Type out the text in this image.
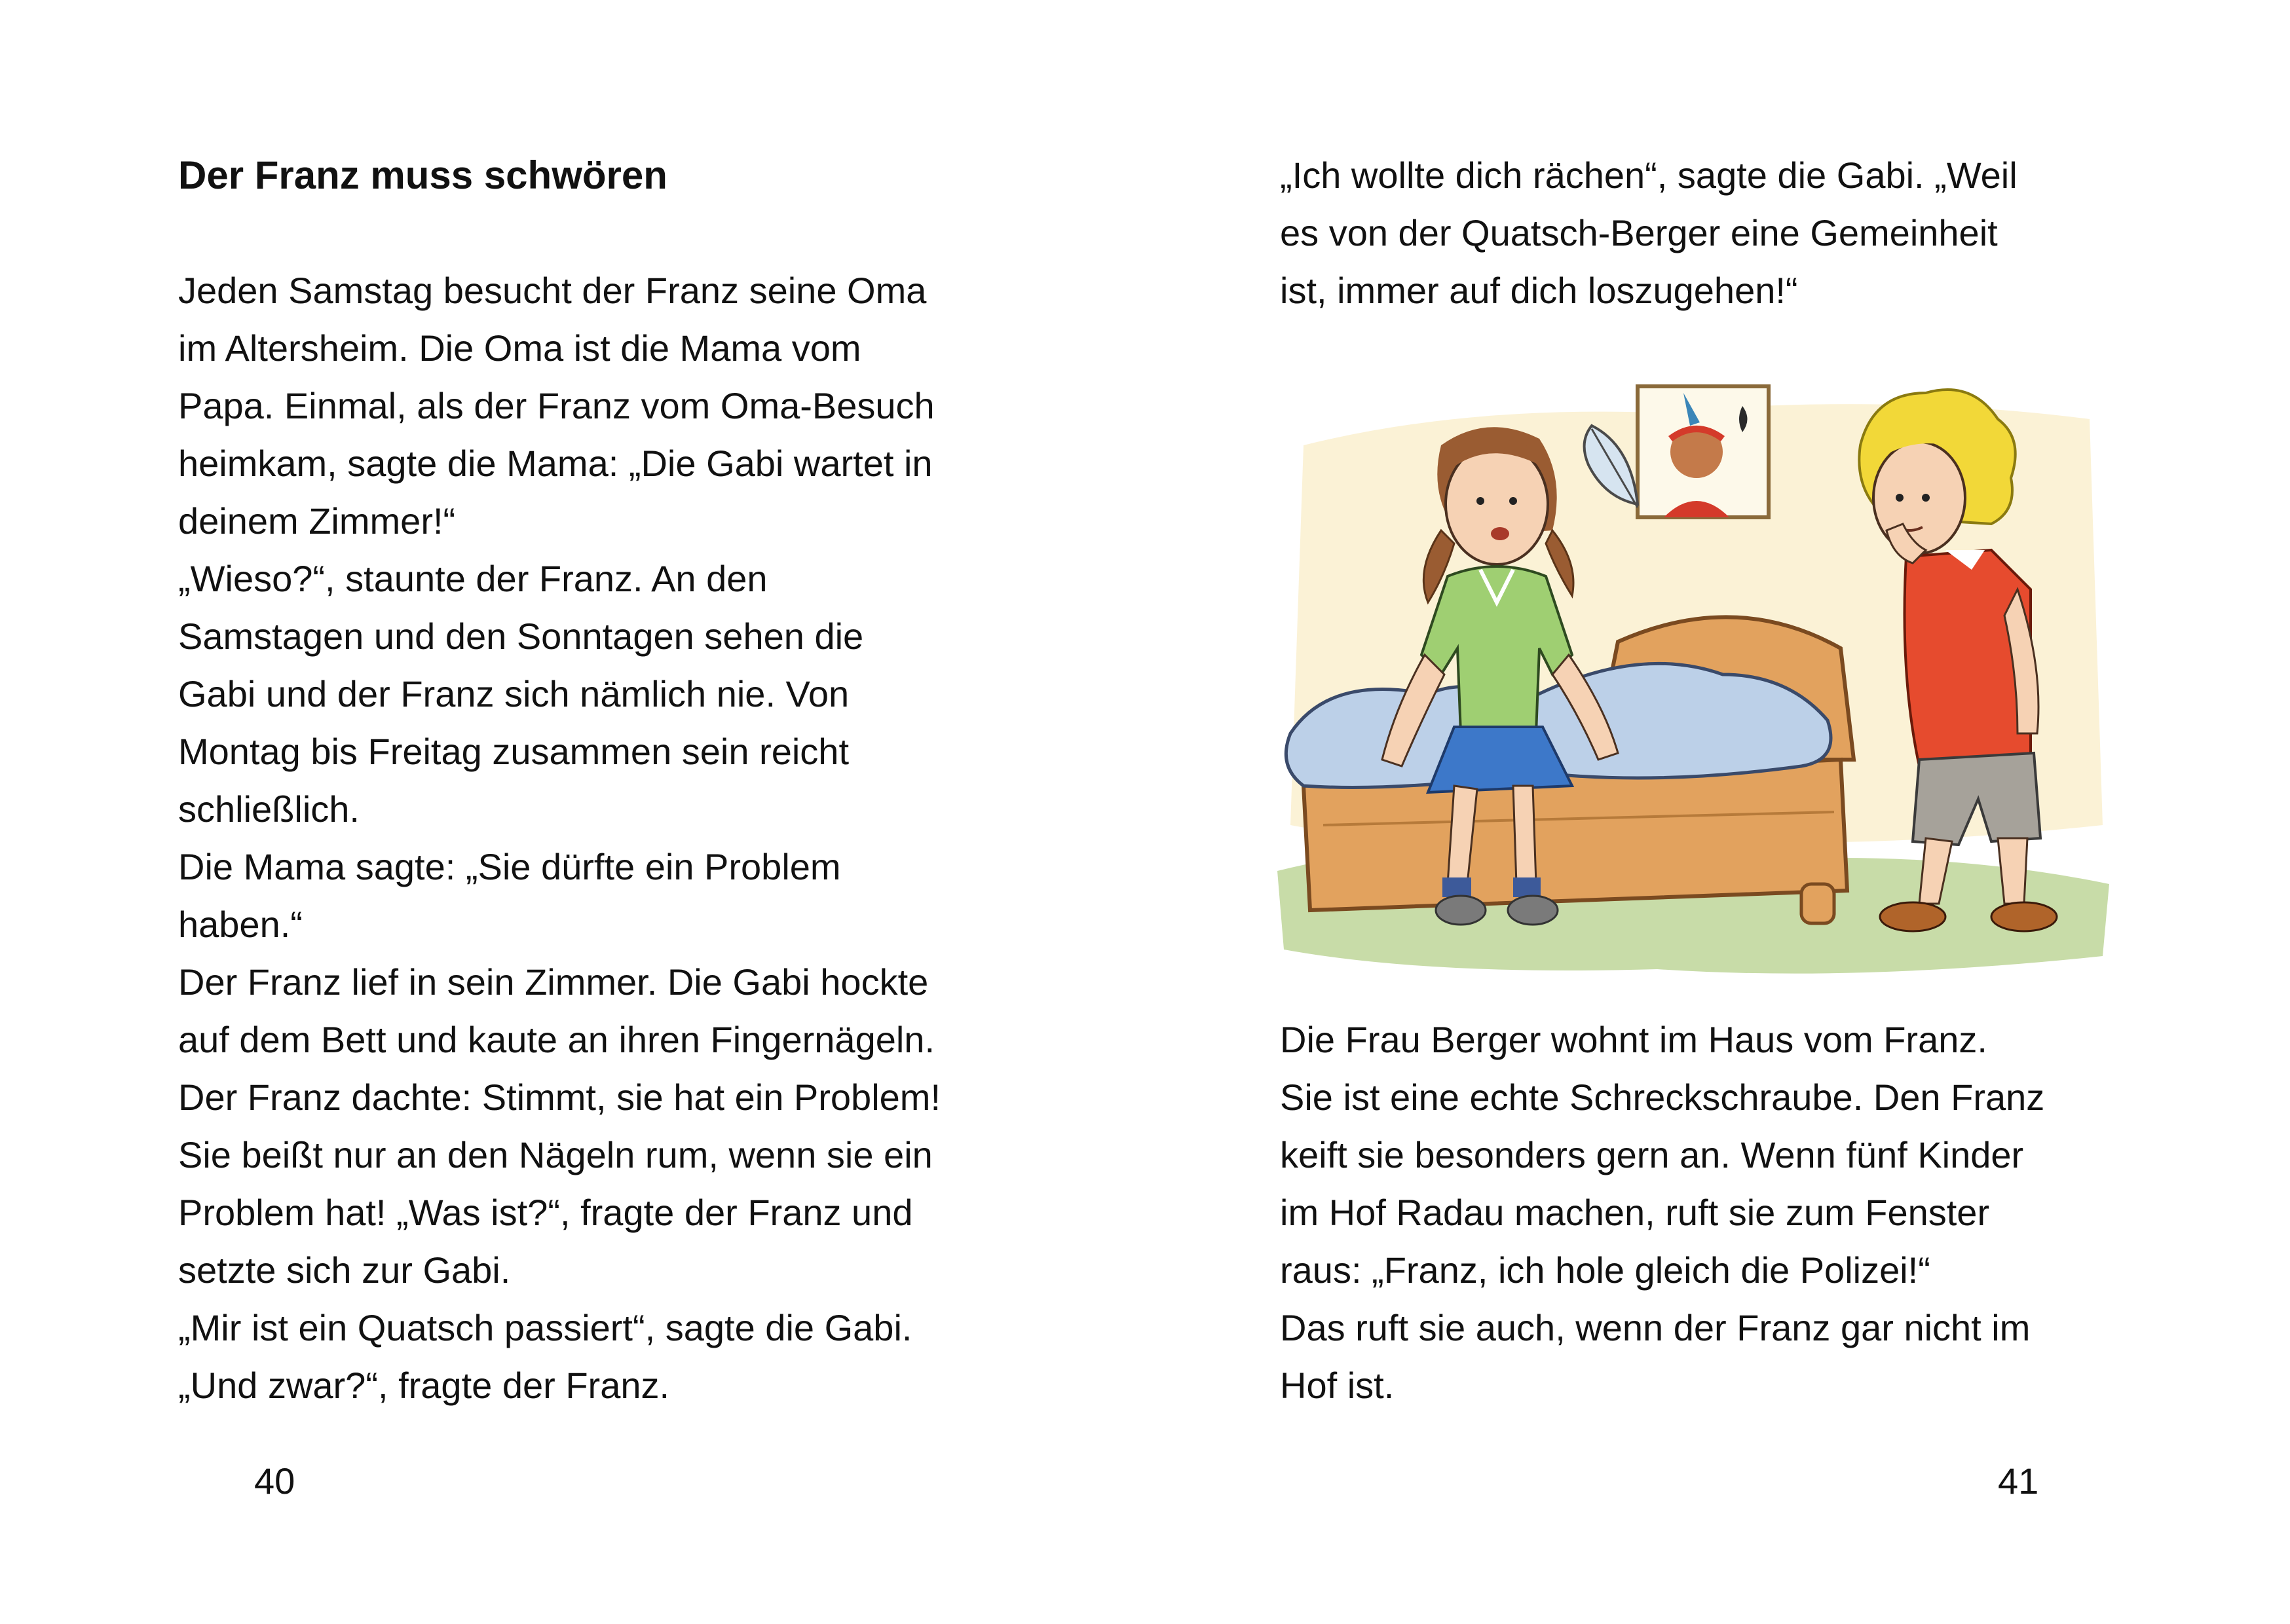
Der Franz muss schwören
Jeden Samstag besucht der Franz seine Oma
im Altersheim. Die Oma ist die Mama vom
Papa. Einmal, als der Franz vom Oma-Besuch
heimkam, sagte die Mama: „Die Gabi wartet in
deinem Zimmer!“
„Wieso?“, staunte der Franz. An den
Samstagen und den Sonntagen sehen die
Gabi und der Franz sich nämlich nie. Von
Montag bis Freitag zusammen sein reicht
schließlich.
Die Mama sagte: „Sie dürfte ein Problem
haben.“
Der Franz lief in sein Zimmer. Die Gabi hockte
auf dem Bett und kaute an ihren Fingernägeln.
Der Franz dachte: Stimmt, sie hat ein Problem!
Sie beißt nur an den Nägeln rum, wenn sie ein
Problem hat! „Was ist?“, fragte der Franz und
setzte sich zur Gabi.
„Mir ist ein Quatsch passiert“, sagte die Gabi.
„Und zwar?“, fragte der Franz.
40
„Ich wollte dich rächen“, sagte die Gabi. „Weil
es von der Quatsch-Berger eine Gemeinheit
ist, immer auf dich loszugehen!“
Die Frau Berger wohnt im Haus vom Franz.
Sie ist eine echte Schreckschraube. Den Franz
keift sie besonders gern an. Wenn fünf Kinder
im Hof Radau machen, ruft sie zum Fenster
raus: „Franz, ich hole gleich die Polizei!“
Das ruft sie auch, wenn der Franz gar nicht im
Hof ist.
41
